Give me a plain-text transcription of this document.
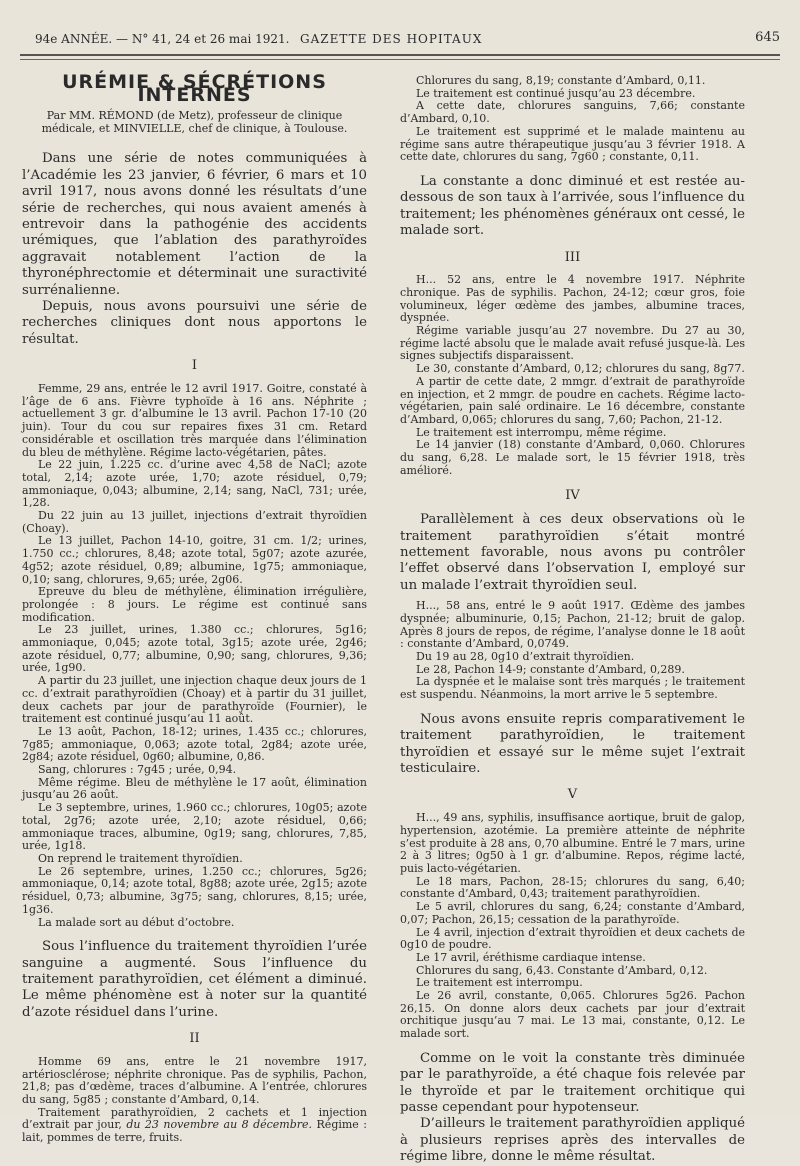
94e ANNÉE. — N° 41, 24 et 26 mai 1921. GAZETTE DES HOPITAUX	645
URÉMIE & SÉCRÉTIONS INTERNES
Par MM. RÉMOND (de Metz), professeur de clinique médicale, et MINVIELLE, chef de clinique, à Toulouse.

Dans une série de notes communiquées à l’Académie les 23 janvier, 6 février, 6 mars et 10 avril 1917, nous avons donné les résultats d’une série de recherches, qui nous avaient amenés à entrevoir dans la pathogénie des accidents urémiques, que l’ablation des parathyroïdes aggravait notablement l’action de la thyronéphrectomie et déterminait une suractivité surrénalienne.

Depuis, nous avons poursuivi une série de recherches cliniques dont nous apportons le résultat.

I

Femme, 29 ans, entrée le 12 avril 1917. Goitre, constaté à l’âge de 6 ans. Fièvre typhoïde à 16 ans. Néphrite ; actuellement 3 gr. d’albumine le 13 avril. Pachon 17-10 (20 juin). Tour du cou sur repaires fixes 31 cm. Retard considérable et oscillation très marquée dans l’élimination du bleu de méthylène. Régime lacto-végétarien, pâtes.

Le 22 juin, 1.225 cc. d’urine avec 4,58 de NaCl; azote total, 2,14; azote urée, 1,70; azote résiduel, 0,79; ammoniaque, 0,043; albumine, 2,14; sang, NaCl, 731; urée, 1,28.

Du 22 juin au 13 juillet, injections d’extrait thyroïdien (Choay).

Le 13 juillet, Pachon 14-10, goitre, 31 cm. 1/2; urines, 1.750 cc.; chlorures, 8,48; azote total, 5g07; azote azurée, 4g52; azote résiduel, 0,89; albumine, 1g75; ammoniaque, 0,10; sang, chlorures, 9,65; urée, 2g06.

Epreuve du bleu de méthylène, élimination irrégulière, prolongée : 8 jours. Le régime est continué sans modification.

Le 23 juillet, urines, 1.380 cc.; chlorures, 5g16; ammoniaque, 0,045; azote total, 3g15; azote urée, 2g46; azote résiduel, 0,77; albumine, 0,90; sang, chlorures, 9,36; urée, 1g90.

A partir du 23 juillet, une injection chaque deux jours de 1 cc. d’extrait parathyroïdien (Choay) et à partir du 31 juillet, deux cachets par jour de parathyroïde (Fournier), le traitement est continué jusqu’au 11 août.

Le 13 août, Pachon, 18-12; urines, 1.435 cc.; chlorures, 7g85; ammoniaque, 0,063; azote total, 2g84; azote urée, 2g84; azote résiduel, 0g60; albumine, 0,86.

Sang, chlorures : 7g45 ; urée, 0,94.

Même régime. Bleu de méthylène le 17 août, élimination jusqu’au 26 août.

Le 3 septembre, urines, 1.960 cc.; chlorures, 10g05; azote total, 2g76; azote urée, 2,10; azote résiduel, 0,66; ammoniaque traces, albumine, 0g19; sang, chlorures, 7,85, urée, 1g18.

On reprend le traitement thyroïdien.

Le 26 septembre, urines, 1.250 cc.; chlorures, 5g26; ammoniaque, 0,14; azote total, 8g88; azote urée, 2g15; azote résiduel, 0,73; albumine, 3g75; sang, chlorures, 8,15; urée, 1g36.

La malade sort au début d’octobre.

Sous l’influence du traitement thyroïdien l’urée sanguine a augmenté. Sous l’influence du traitement parathyroïdien, cet élément a diminué. Le même phénomène est à noter sur la quantité d’azote résiduel dans l’urine.

II

Homme 69 ans, entre le 21 novembre 1917, artériosclérose; néphrite chronique. Pas de syphilis, Pachon, 21,8; pas d’œdème, traces d’albumine. A l’entrée, chlorures du sang, 5g85 ; constante d’Ambard, 0,14.

Traitement parathyroïdien, 2 cachets et 1 injection d’extrait par jour, du 23 novembre au 8 décembre. Régime : lait, pommes de terre, fruits.

Chlorures du sang, 8,19; constante d’Ambard, 0,11.

Le traitement est continué jusqu’au 23 décembre.

A cette date, chlorures sanguins, 7,66; constante d’Ambard, 0,10.

Le traitement est supprimé et le malade maintenu au régime sans autre thérapeutique jusqu’au 3 février 1918. A cette date, chlorures du sang, 7g60 ; constante, 0,11.

La constante a donc diminué et est restée au-dessous de son taux à l’arrivée, sous l’influence du traitement; les phénomènes généraux ont cessé, le malade sort.

III

H... 52 ans, entre le 4 novembre 1917. Néphrite chronique. Pas de syphilis. Pachon, 24-12; cœur gros, foie volumineux, léger œdème des jambes, albumine traces, dyspnée.

Régime variable jusqu’au 27 novembre. Du 27 au 30, régime lacté absolu que le malade avait refusé jusque-là. Les signes subjectifs disparaissent.

Le 30, constante d’Ambard, 0,12; chlorures du sang, 8g77.

A partir de cette date, 2 mmgr. d’extrait de parathyroïde en injection, et 2 mmgr. de poudre en cachets. Régime lacto-végétarien, pain salé ordinaire. Le 16 décembre, constante d’Ambard, 0,065; chlorures du sang, 7,60; Pachon, 21-12.

Le traitement est interrompu, même régime.

Le 14 janvier (18) constante d’Ambard, 0,060. Chlorures du sang, 6,28. Le malade sort, le 15 février 1918, très amélioré.

IV

Parallèlement à ces deux observations où le traitement parathyroïdien s’était montré nettement favorable, nous avons pu contrôler l’effet observé dans l’observation I, employé sur un malade l’extrait thyroïdien seul.

H..., 58 ans, entré le 9 août 1917. Œdème des jambes dyspnée; albuminurie, 0,15; Pachon, 21-12; bruit de galop. Après 8 jours de repos, de régime, l’analyse donne le 18 août : constante d’Ambard, 0,0749.

Du 19 au 28, 0g10 d’extrait thyroïdien.

Le 28, Pachon 14-9; constante d’Ambard, 0,289.

La dyspnée et le malaise sont très marqués ; le traitement est suspendu. Néanmoins, la mort arrive le 5 septembre.

Nous avons ensuite repris comparativement le traitement parathyroïdien, le traitement thyroïdien et essayé sur le même sujet l’extrait testiculaire.

V

H..., 49 ans, syphilis, insuffisance aortique, bruit de galop, hypertension, azotémie. La première atteinte de néphrite s’est produite à 28 ans, 0,70 albumine. Entré le 7 mars, urine 2 à 3 litres; 0g50 à 1 gr. d’albumine. Repos, régime lacté, puis lacto-végétarien.

Le 18 mars, Pachon, 28-15; chlorures du sang, 6,40; constante d’Ambard, 0,43; traitement parathyroïdien.

Le 5 avril, chlorures du sang, 6,24; constante d’Ambard, 0,07; Pachon, 26,15; cessation de la parathyroïde.

Le 4 avril, injection d’extrait thyroïdien et deux cachets de 0g10 de poudre.

Le 17 avril, éréthisme cardiaque intense.

Chlorures du sang, 6,43. Constante d’Ambard, 0,12.

Le traitement est interrompu.

Le 26 avril, constante, 0,065. Chlorures 5g26. Pachon 26,15. On donne alors deux cachets par jour d’extrait orchitique jusqu’au 7 mai. Le 13 mai, constante, 0,12. Le malade sort.

Comme on le voit la constante très diminuée par le parathyroïde, a été chaque fois relevée par le thyroïde et par le traitement orchitique qui passe cependant pour hypotenseur.

D’ailleurs le traitement parathyroïdien appliqué à plusieurs reprises après des intervalles de régime libre, donne le même résultat.
